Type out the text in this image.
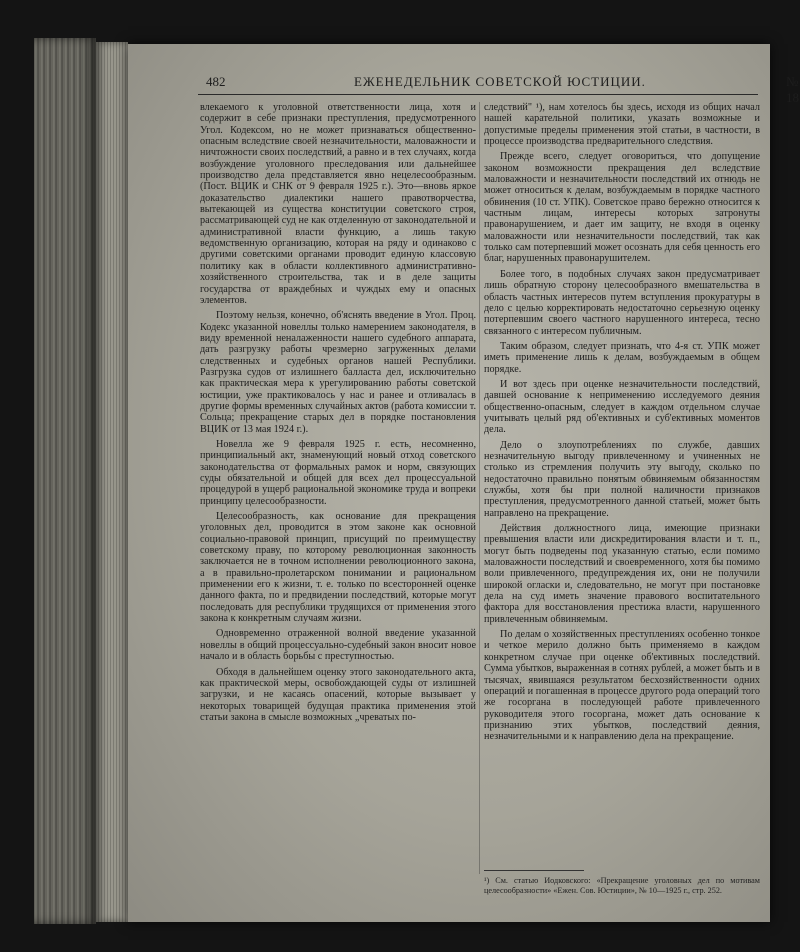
482	ЕЖЕНЕДЕЛЬНИК СОВЕТСКОЙ ЮСТИЦИИ.	№ 18

влекаемого к уголовной ответственности лица, хотя и содержит в себе признаки преступления, предусмотренного Угол. Кодексом, но не может признаваться общественно-опасным вследствие своей незначительности, маловажности и ничтожности своих последствий, а равно и в тех случаях, когда возбуждение уголовного преследования или дальнейшее производство дела представляется явно нецелесообразным. (Пост. ВЦИК и СНК от 9 февраля 1925 г.). Это—вновь яркое доказательство диалектики нашего правотворчества, вытекающей из существа конституции советского строя, рассматривающей суд не как отделенную от законодательной и административной власти функцию, а лишь такую ведомственную организацию, которая на ряду и одинаково с другими советскими органами проводит единую классовую политику как в области коллективного административно-хозяйственного строительства, так и в деле защиты государства от враждебных и чуждых ему и опасных элементов.

Поэтому нельзя, конечно, об'яснять введение в Угол. Проц. Кодекс указанной новеллы только намерением законодателя, в виду временной неналаженности нашего судебного аппарата, дать разгрузку работы чрезмерно загруженных делами следственных и судебных органов нашей Республики. Разгрузка судов от излишнего балласта дел, исключительно как практическая мера к урегулированию работы советской юстиции, уже практиковалось у нас и ранее и отливалась в другие формы временных случайных актов (работа комиссии т. Сольца; прекращение старых дел в порядке постановления ВЦИК от 13 мая 1924 г.).

Новелла же 9 февраля 1925 г. есть, несомненно, принципиальный акт, знаменующий новый отход советского законодательства от формальных рамок и норм, связующих суды обязательной и общей для всех дел процессуальной процедурой в ущерб рациональной экономике труда и вопреки принципу целесообразности.

Целесообразность, как основание для прекращения уголовных дел, проводится в этом законе как основной социально-правовой принцип, присущий по преимуществу советскому праву, по которому революционная законность заключается не в точном исполнении революционного закона, а в правильно-пролетарском понимании и рациональном применении его к жизни, т. е. только по всесторонней оценке данного факта, по и предвидении последствий, которые могут последовать для республики трудящихся от применения этого закона к конкретным случаям жизни.

Одновременно отраженной волной введение указанной новеллы в общий процессуально-судебный закон вносит новое начало и в область борьбы с преступностью.

Обходя в дальнейшем оценку этого законодательного акта, как практической меры, освобождающей суды от излишней загрузки, и не касаясь опасений, которые вызывает у некоторых товарищей будущая практика применения этой статьи закона в смысле возможных „чреватых по-

следствий" ¹), нам хотелось бы здесь, исходя из общих начал нашей карательной политики, указать возможные и допустимые пределы применения этой статьи, в частности, в процессе производства предварительного следствия.

Прежде всего, следует оговориться, что допущение законом возможности прекращения дел вследствие маловажности и незначительности последствий их отнюдь не может относиться к делам, возбуждаемым в порядке частного обвинения (10 ст. УПК). Советское право бережно относится к частным лицам, интересы которых затронуты правонарушением, и дает им защиту, не входя в оценку маловажности или незначительности последствий, так как только сам потерпевший может осознать для себя ценность его благ, нарушенных правонарушителем.

Более того, в подобных случаях закон предусматривает лишь обратную сторону целесообразного вмешательства в область частных интересов путем вступления прокуратуры в дело с целью корректировать недостаточно серьезную оценку потерпевшим своего частного нарушенного интереса, тесно связанного с интересом публичным.

Таким образом, следует признать, что 4-я ст. УПК может иметь применение лишь к делам, возбуждаемым в общем порядке.

И вот здесь при оценке незначительности последствий, давшей основание к неприменению исследуемого деяния общественно-опасным, следует в каждом отдельном случае учитывать целый ряд об'ективных и суб'ективных моментов дела.

Дело о злоупотреблениях по службе, давших незначительную выгоду привлеченному и учиненных не столько из стремления получить эту выгоду, сколько по недостаточно правильно понятым обвиняемым обязанностям службы, хотя бы при полной наличности признаков преступления, предусмотренного данной статьей, может быть направлено на прекращение.

Действия должностного лица, имеющие признаки превышения власти или дискредитирования власти и т. п., могут быть подведены под указанную статью, если помимо маловажности последствий и своевременного, хотя бы помимо воли привлеченного, предупреждения их, они не получили широкой огласки и, следовательно, не могут при постановке дела на суд иметь значение правового воспитательного фактора для восстановления престижа власти, нарушенного привлеченным обвиняемым.

По делам о хозяйственных преступлениях особенно тонкое и четкое мерило должно быть применяемо в каждом конкретном случае при оценке об'ективных последствий. Сумма убытков, выраженная в сотнях рублей, а может быть и в тысячах, явившаяся результатом бесхозяйственности одних операций и погашенная в процессе другого рода операций того же госоргана в последующей работе привлеченного руководителя этого госоргана, может дать основание к признанию этих убытков, последствий деяния, незначительными и к направлению дела на прекращение.

¹) См. статью Иодковского: «Прекращение уголовных дел по мотивам целесообразности» «Ежен. Сов. Юстиции», № 10—1925 г., стр. 252.
